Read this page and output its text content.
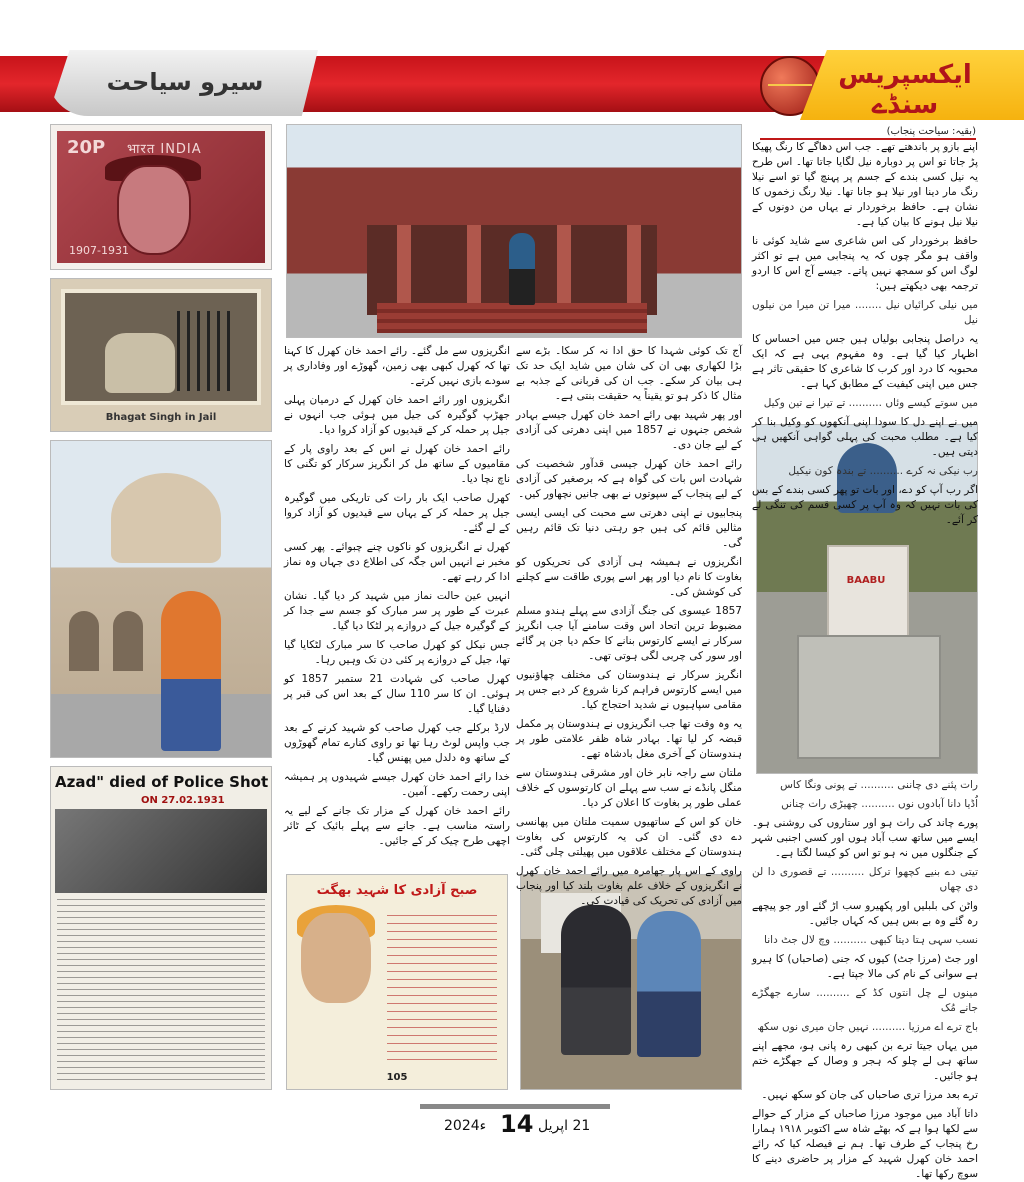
سیرو سیاحت	ایکسپریس سنڈے
20P भारत INDIA
1907-1931
Bhagat Singh in Jail
Azad" died of Police Shot
ON 27.02.1931
BAABU
صبح آزادی کا شہید بھگت
105
(بقیہ: سیاحت پنجاب)

اپنے بازو پر باندھتے تھے۔ جب اس دھاگے کا رنگ پھیکا پڑ جاتا تو اس پر دوبارہ نیل لگایا جاتا تھا۔ اس طرح یہ نیل کسی بندے کے جسم پر پہنچ گیا تو اسے نیلا رنگ مار دینا اور نیلا ہو جانا تھا۔ نیلا رنگ زخموں کا نشان ہے۔ حافظ برخوردار نے یہاں من دونوں کے نیلا نیل ہونے کا بیان کیا ہے۔

حافظ برخوردار کی اس شاعری سے شاید کوئی نا واقف ہو مگر چوں کہ یہ پنجابی میں ہے تو اکثر لوگ اس کو سمجھ نہیں پاتے۔ جیسے آج اس کا اردو ترجمہ بھی دیکھتے ہیں:

میں نیلی کرائیاں نیل ........ میرا تن میرا من نیلوں نیل

یہ دراصل پنجابی بولیاں ہیں جس میں احساس کا اظہار کیا گیا ہے۔ وہ مفہوم یہی ہے کہ ایک محبوبہ کا درد اور کرب کا شاعری کا حقیقی تاثر ہے جس میں اپنی کیفیت کے مطابق کہا ہے۔

میں سوتے کیسے وئاں .......... تے تیرا نے تین وکیل

میں نے اپنے دل کا سودا اپنی آنکھوں کو وکیل بنا کر کیا ہے۔ مطلب محبت کی پہلی گواہی آنکھیں ہی دیتی ہیں۔

رب نیکی نہ کرے .......... تے بندہ کون نیکیل

اگر رب آپ کو دے، اور بات تو پھر کسی بندے کے بس کی بات نہیں کہ وہ آپ پر کسی قسم کی تنگی لے کر آئے۔

رات پئنے دی چاننی .......... تے پونی ونگا کاس

اُڈیا دانا آبادوں نوں .......... چھیڑی رات چنانں

پورے چاند کی رات ہو اور ستاروں کی روشنی ہو۔ ایسے میں ساتھ سب آباد ہوں اور کسی اجنبی شہر کے جنگلوں میں نہ ہو تو اس کو کیسا لگتا ہے۔

تیتی دے بنیے کچھوا ترکل .......... تے قصوری دا لن دی چھاں

واٹن کی بلبلیں اور پکھیرو سب اڑ گئے اور جو پیچھے رہ گئے وہ بے بس ہیں کہ کہاں جائیں۔

نسب سہی ہتا دیتا کبھی .......... وچ لال جٹ دانا

اور جٹ (مرزا جٹ) کیوں کہ جنی (صاحباں) کا ہیرو ہے سوانی کے نام کی مالا جپتا ہے۔

مینوں لے چل انتوں کڈ کے .......... سارے جھگڑے جانے مُک

باج ترے اے مرزیا .......... نہیں جان میری نوں سکھ

میں یہاں جیتا ترے بن کبھی رہ پانی ہو، مجھے اپنے ساتھ ہی لے چلو کہ ہجر و وصال کے جھگڑے ختم ہو جائیں۔

ترے بعد مرزا تری صاحباں کی جان کو سکھ نہیں۔

داتا آباد میں موجود مرزا صاحباں کے مزار کے حوالے سے لکھا ہوا ہے کہ بھٹے شاہ سے اکتوبر ۱۹۱۸ ہمارا رخ پنجاب کے طرف تھا۔ ہم نے فیصلہ کیا کہ رائے احمد خان کھرل شہید کے مزار پر حاضری دینے کا سوچ رکھا تھا۔

آج تک کوئی شہدا کا حق ادا نہ کر سکا۔ بڑے سے بڑا لکھاری بھی ان کی شان میں شاید ایک حد تک ہی بیان کر سکے۔ جب ان کی قربانی کے جذبہ بے مثال کا ذکر ہو تو یقیناً یہ حقیقت بنتی ہے۔

اور پھر شہید بھی رائے احمد خان کھرل جیسے بہادر شخص جنہوں نے 1857 میں اپنی دھرتی کی آزادی کے لیے جان دی۔

رائے احمد خان کھرل جیسی قدآور شخصیت کی شہادت اس بات کی گواہ ہے کہ برصغیر کی آزادی کے لیے پنجاب کے سپوتوں نے بھی جانیں نچھاور کیں۔

پنجابیوں نے اپنی دھرتی سے محبت کی ایسی ایسی مثالیں قائم کی ہیں جو رہتی دنیا تک قائم رہیں گی۔

انگریزوں نے ہمیشہ ہی آزادی کی تحریکوں کو بغاوت کا نام دیا اور پھر اسے پوری طاقت سے کچلنے کی کوشش کی۔

1857 عیسوی کی جنگ آزادی سے پہلے ہندو مسلم مضبوط ترین اتحاد اس وقت سامنے آیا جب انگریز سرکار نے ایسے کارتوس بنانے کا حکم دیا جن پر گائے اور سور کی چربی لگی ہوتی تھی۔

انگریز سرکار نے ہندوستان کی مختلف چھاؤنیوں میں ایسے کارتوس فراہم کرنا شروع کر دیے جس پر مقامی سپاہیوں نے شدید احتجاج کیا۔

یہ وہ وقت تھا جب انگریزوں نے ہندوستان پر مکمل قبضہ کر لیا تھا۔ بہادر شاہ ظفر علامتی طور پر ہندوستان کے آخری مغل بادشاہ تھے۔

ملتان سے راجہ نابر خان اور مشرقی ہندوستان سے منگل پانڈے نے سب سے پہلے ان کارتوسوں کے خلاف عملی طور پر بغاوت کا اعلان کر دیا۔

خان کو اس کے ساتھیوں سمیت ملتان میں پھانسی دے دی گئی۔ ان کی یہ کارتوس کی بغاوت ہندوستان کے مختلف علاقوں میں پھیلتی چلی گئی۔

راوی کے اس پار جھامرہ میں رائے احمد خان کھرل نے انگریزوں کے خلاف علم بغاوت بلند کیا اور پنجاب میں آزادی کی تحریک کی قیادت کی۔

انگریزوں سے مل گئے۔ رائے احمد خان کھرل کا کہنا تھا کہ کھرل کبھی بھی زمین، گھوڑے اور وفاداری پر سودے بازی نہیں کرتے۔

انگریزوں اور رائے احمد خان کھرل کے درمیان پہلی جھڑپ گوگیرہ کی جیل میں ہوئی جب انہوں نے جیل پر حملہ کر کے قیدیوں کو آزاد کروا دیا۔

رائے احمد خان کھرل نے اس کے بعد راوی پار کے مقامیوں کے ساتھ مل کر انگریز سرکار کو تگنی کا ناچ نچا دیا۔

کھرل صاحب ایک بار رات کی تاریکی میں گوگیرہ جیل پر حملہ کر کے یہاں سے قیدیوں کو آزاد کروا کے لے گئے۔

کھرل نے انگریزوں کو ناکوں چنے چبوائے۔ پھر کسی مخبر نے انہیں اس جگہ کی اطلاع دی جہاں وہ نماز ادا کر رہے تھے۔

انہیں عین حالت نماز میں شہید کر دیا گیا۔ نشان عبرت کے طور پر سر مبارک کو جسم سے جدا کر کے گوگیرہ جیل کے دروازے پر لٹکا دیا گیا۔

جس نیکل کو کھرل صاحب کا سر مبارک لٹکایا گیا تھا، جیل کے دروازے پر کئی دن تک وہیں رہا۔

کھرل صاحب کی شہادت 21 ستمبر 1857 کو ہوئی۔ ان کا سر 110 سال کے بعد اس کی قبر پر دفنایا گیا۔

لارڈ برکلے جب کھرل صاحب کو شہید کرنے کے بعد جب واپس لوٹ رہا تھا تو راوی کنارے تمام گھوڑوں کے ساتھ وہ دلدل میں پھنس گیا۔

خدا رائے احمد خان کھرل جیسے شہیدوں پر ہمیشہ اپنی رحمت رکھے۔ آمین۔

رائے احمد خان کھرل کے مزار تک جانے کے لیے یہ راستہ مناسب ہے۔ جانے سے پہلے بائیک کے ٹائر اچھی طرح چیک کر کے جائیں۔

2024ء 14 21 اپریل
